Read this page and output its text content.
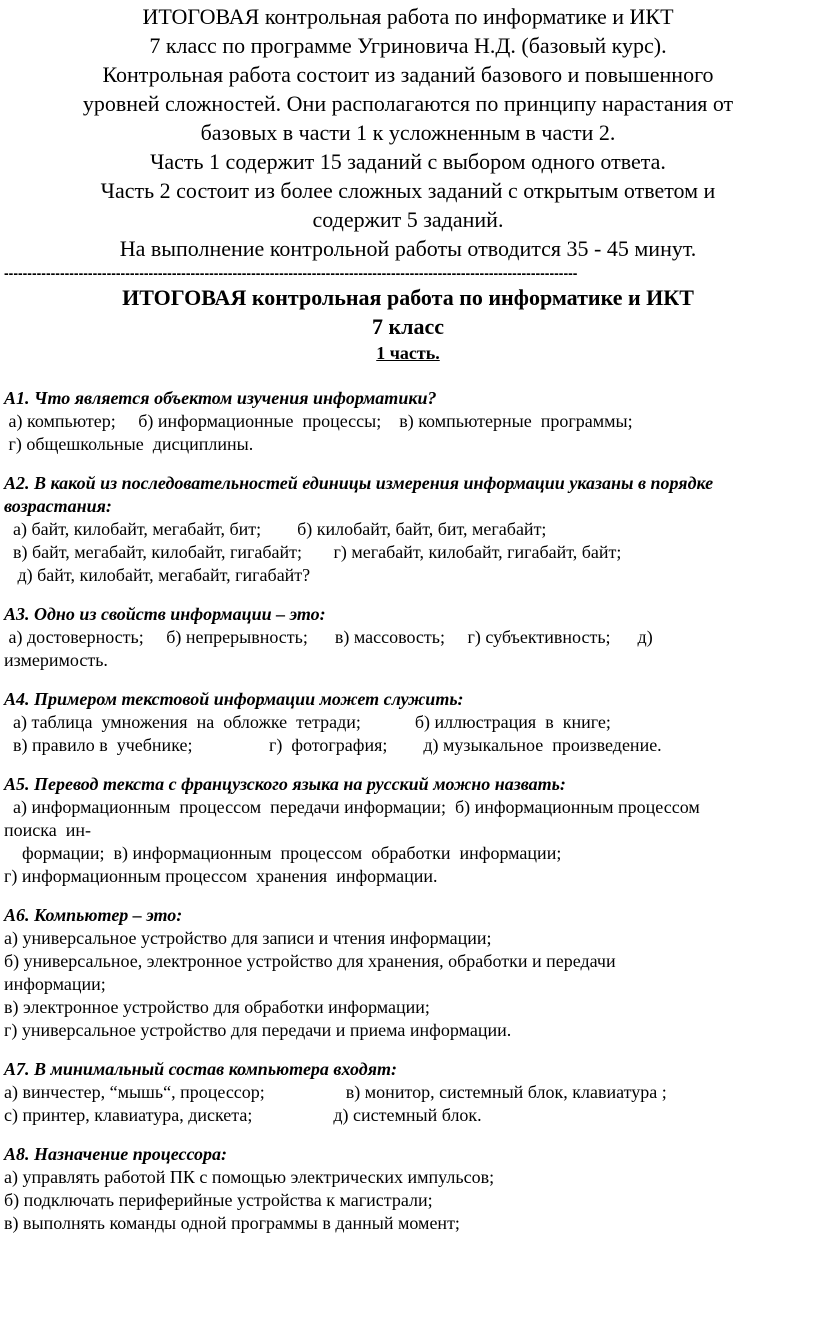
ИТОГОВАЯ контрольная работа по информатике и ИКТ

7 класс по программе Угриновича Н.Д. (базовый курс).

Контрольная работа состоит из заданий базового и повышенного

уровней сложностей. Они располагаются по принципу нарастания от

базовых в части 1 к усложненным в части 2.

Часть 1 содержит 15 заданий с выбором одного ответа.

Часть 2 состоит из более сложных заданий с открытым ответом и

содержит 5 заданий.

На выполнение контрольной работы отводится 35 - 45 минут.

---------------------------------------------------------------------------------------------------------------------------

ИТОГОВАЯ контрольная работа по информатике и ИКТ

7 класс

1 часть.

А1. Что является объектом изучения информатики?

а) компьютер;     б) информационные  процессы;    в) компьютерные  программы;

г) общешкольные  дисциплины.

А2. В какой из последовательностей единицы измерения информации указаны в порядке возрастания:

а) байт, килобайт, мегабайт, бит;        б) килобайт, байт, бит, мегабайт;

в) байт, мегабайт, килобайт, гигабайт;       г) мегабайт, килобайт, гигабайт, байт;

д) байт, килобайт, мегабайт, гигабайт?

А3. Одно из свойств информации – это:

а) достоверность;     б) непрерывность;      в) массовость;     г) субъективность;      д)

измеримость.

А4. Примером текстовой информации может служить:

а) таблица  умножения  на  обложке  тетради;            б) иллюстрация  в  книге;

в) правило в  учебнике;                 г)  фотография;        д) музыкальное  произведение.

А5. Перевод текста с французского языка на русский можно назвать:

а) информационным  процессом  передачи информации;  б) информационным процессом

поиска  ин-

формации;  в) информационным  процессом  обработки  информации;

г) информационным процессом  хранения  информации.

А6. Компьютер – это:

а) универсальное устройство для записи и чтения информации;

б) универсальное, электронное устройство для хранения, обработки и передачи

информации;

в) электронное устройство для обработки информации;

г) универсальное устройство для передачи и приема информации.

А7. В минимальный состав компьютера входят:

а) винчестер, “мышь“, процессор;                  в) монитор, системный блок, клавиатура ;

с) принтер, клавиатура, дискета;                  д) системный блок.

А8. Назначение процессора:

а) управлять работой ПК с помощью электрических импульсов;

б) подключать периферийные устройства к магистрали;

в) выполнять команды одной программы в данный момент;
